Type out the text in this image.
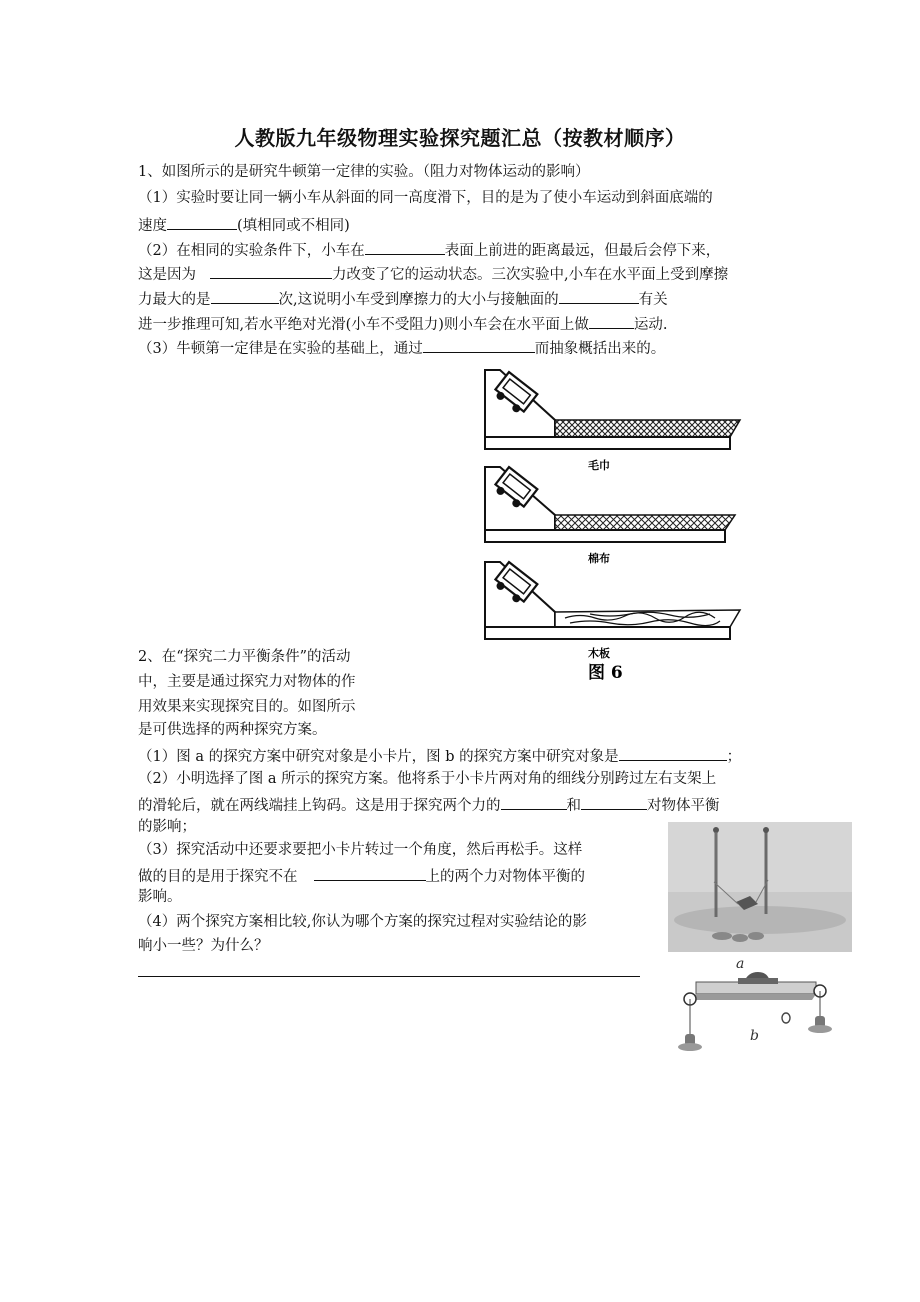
人教版九年级物理实验探究题汇总（按教材顺序）
1、如图所示的是研究牛顿第一定律的实验。（阻力对物体运动的影响）
（1）实验时要让同一辆小车从斜面的同一高度滑下，目的是为了使小车运动到斜面底端的
速度	(填相同或不相同)
（2）在相同的实验条件下，小车在	表面上前进的距离最远，但最后会停下来，
这是因为	力改变了它的运动状态。三次实验中,小车在水平面上受到摩擦
力最大的是	次,这说明小车受到摩擦力的大小与接触面的	有关
进一步推理可知,若水平绝对光滑(小车不受阻力)则小车会在水平面上做	运动.
（3）牛顿第一定律是在实验的基础上，通过	而抽象概括出来的。
毛巾
棉布
木板
图 6
2、在“探究二力平衡条件”的活动
中，主要是通过探究力对物体的作
用效果来实现探究目的。如图所示
是可供选择的两种探究方案。
（1）图 a 的探究方案中研究对象是小卡片，图 b 的探究方案中研究对象是	；
（2）小明选择了图 a 所示的探究方案。他将系于小卡片两对角的细线分别跨过左右支架上
的滑轮后，就在两线端挂上钩码。这是用于探究两个力的	和	对物体平衡
的影响；
（3）探究活动中还要求要把小卡片转过一个角度，然后再松手。这样
做的目的是用于探究不在	上的两个力对物体平衡的
影响。
（4）两个探究方案相比较,你认为哪个方案的探究过程对实验结论的影
响小一些？为什么？
a
b
